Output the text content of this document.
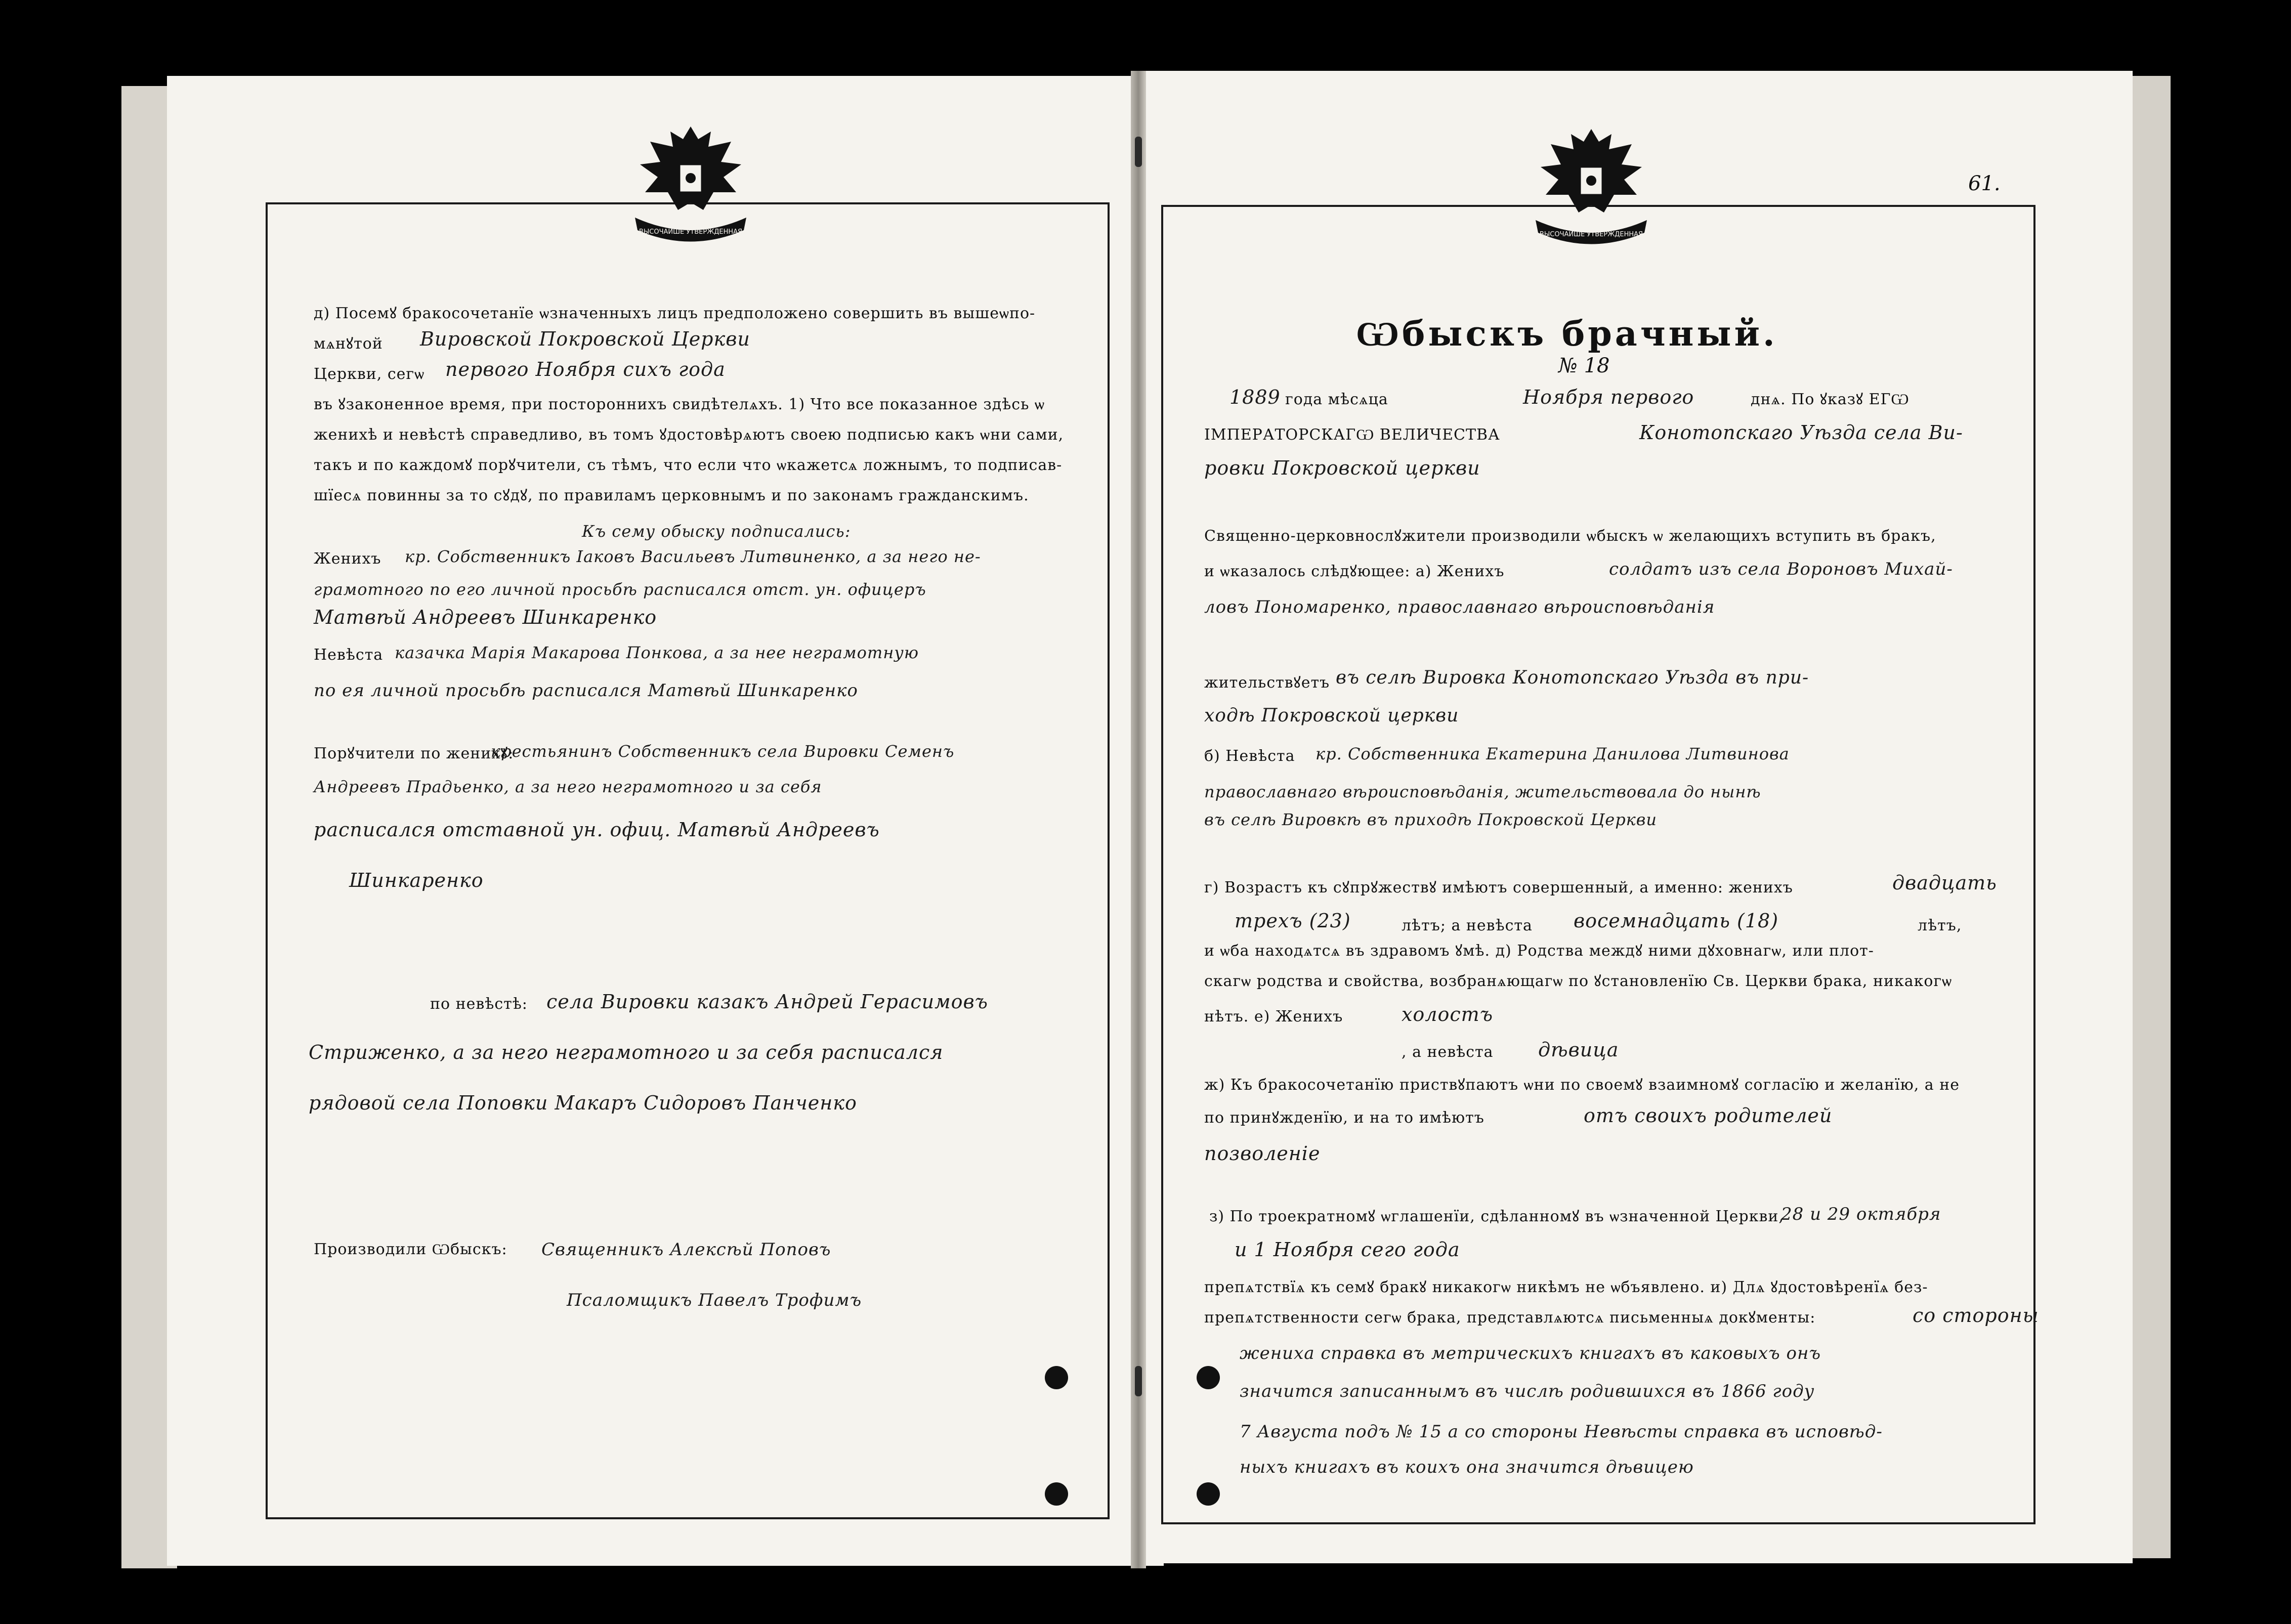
ВЫСОЧАЙШЕ УТВЕРЖДЕННАЯ	ВЫСОЧАЙШЕ УТВЕРЖДЕННАЯ
д) Посемꙋ бракосочетанїе ѡзначенныхъ лицъ предположено совершить въ вышеѡпо-
мѧнꙋтой
Церкви, сегѡ
въ ꙋзаконенное время, при постороннихъ свидѣтелѧхъ. 1) Что все показанное здѣсь ѡ
женихѣ и невѣстѣ справедливо, въ томъ ꙋдостовѣрѧютъ своею подписью какъ ѡни сами,
такъ и по каждомꙋ порꙋчители, съ тѣмъ, что если что ѡкажетсѧ ложнымъ, то подписав-
шїесѧ повинны за то сꙋдꙋ, по правиламъ церковнымъ и по законамъ гражданскимъ.
Женихъ
Невѣста
Порꙋчители по женихꙋ:
по невѣстѣ:
Производили Ѡбыскъ:
Вировской Покровской Церкви
первого Ноября сихъ года
Къ сему обыску подписались:
кр. Собственникъ Іаковъ Васильевъ Литвиненко, а за него не-
грамотного по его личной просьбѣ расписался отст. ун. офицеръ
Матвѣй Андреевъ Шинкаренко
казачка Марія Макарова Понкова, а за нее неграмотную
по ея личной просьбѣ расписался Матвѣй Шинкаренко
крестьянинъ Собственникъ села Вировки Семенъ
Андреевъ Прадьенко, а за него неграмотного и за себя
расписался отставной ун. офиц. Матвѣй Андреевъ
Шинкаренко
села Вировки казакъ Андрей Герасимовъ
Стриженко, а за него неграмотного и за себя расписался
рядовой села Поповки Макаръ Сидоровъ Панченко
Священникъ Алексѣй Поповъ
Псаломщикъ Павелъ Трофимъ
61.
Ѡбыскъ брачный.
№ 18
года мѣсѧца	днѧ. По ꙋказꙋ ЕГѠ
ІМПЕРАТОРСКАГѠ ВЕЛИЧЕСТВА
Священно-церковнослꙋжители производили ѡбыскъ ѡ желающихъ вступить въ бракъ,
и ѡказалось слѣдꙋющее: а) Женихъ
жительствꙋетъ
б) Невѣста
г) Возрастъ къ сꙋпрꙋжествꙋ имѣютъ совершенный, а именно: женихъ
лѣтъ; а невѣста	лѣтъ,
и ѡба находѧтсѧ въ здравомъ ꙋмѣ. д) Родства междꙋ ними дꙋховнагѡ, или плот-
скагѡ родства и свойства, возбранѧющагѡ по ꙋстановленїю Св. Церкви брака, никакогѡ
нѣтъ. е) Женихъ
, а невѣста
ж) Къ бракосочетанїю приствꙋпаютъ ѡни по своемꙋ взаимномꙋ соглаcїю и желанїю, а не
по принꙋжденїю, и на то имѣютъ
з) По троекратномꙋ ѡглашенїи, сдѣланномꙋ въ ѡзначенной Церкви,
препѧтствїѧ къ семꙋ бракꙋ никакогѡ никѣмъ не ѡбъявлено. и) Длѧ ꙋдостовѣренїѧ без-
препѧтственности сегѡ брака, представлѧютсѧ письменныѧ докꙋменты:
1889	Ноября первого
Конотопскаго Уѣзда села Ви-
ровки Покровской церкви
солдатъ изъ села Вороновъ Михай-
ловъ Пономаренко, православнаго вѣроисповѣданія
въ селѣ Вировка Конотопскаго Уѣзда въ при-
ходѣ Покровской церкви
кр. Собственника Екатерина Данилова Литвинова
православнаго вѣроисповѣданія, жительствовала до нынѣ
въ селѣ Вировкѣ въ приходѣ Покровской Церкви
двадцать
трехъ (23)	восемнадцать (18)
холостъ
дѣвица
отъ своихъ родителей
позволеніе
28 и 29 октября
и 1 Ноября сего года
со стороны
жениха справка въ метрическихъ книгахъ въ каковыхъ онъ
значится записаннымъ въ числѣ родившихся въ 1866 году
7 Августа подъ № 15 а со стороны Невѣсты справка въ исповѣд-
ныхъ книгахъ въ коихъ она значится дѣвицею
